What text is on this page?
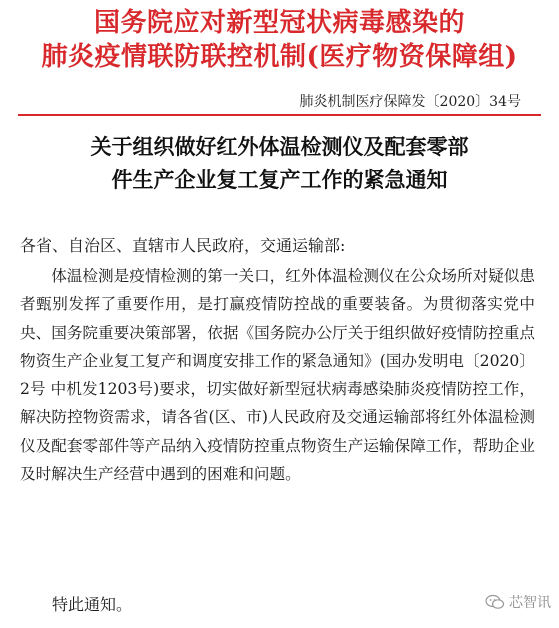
国务院应对新型冠状病毒感染的
肺炎疫情联防联控机制(医疗物资保障组)
肺炎机制医疗保障发〔2020〕34号
关于组织做好红外体温检测仪及配套零部
件生产企业复工复产工作的紧急通知
各省、自治区、直辖市人民政府，交通运输部:

体温检测是疫情检测的第一关口，红外体温检测仪在公众场所对疑似患者甄别发挥了重要作用，是打赢疫情防控战的重要装备。为贯彻落实党中央、国务院重要决策部署，依据《国务院办公厅关于组织做好疫情防控重点物资生产企业复工复产和调度安排工作的紧急通知》(国办发明电〔2020〕2号 中机发1203号)要求，切实做好新型冠状病毒感染肺炎疫情防控工作，解决防控物资需求，请各省(区、市)人民政府及交通运输部将红外体温检测仪及配套零部件等产品纳入疫情防控重点物资生产运输保障工作，帮助企业及时解决生产经营中遇到的困难和问题。

特此通知。	芯智讯
